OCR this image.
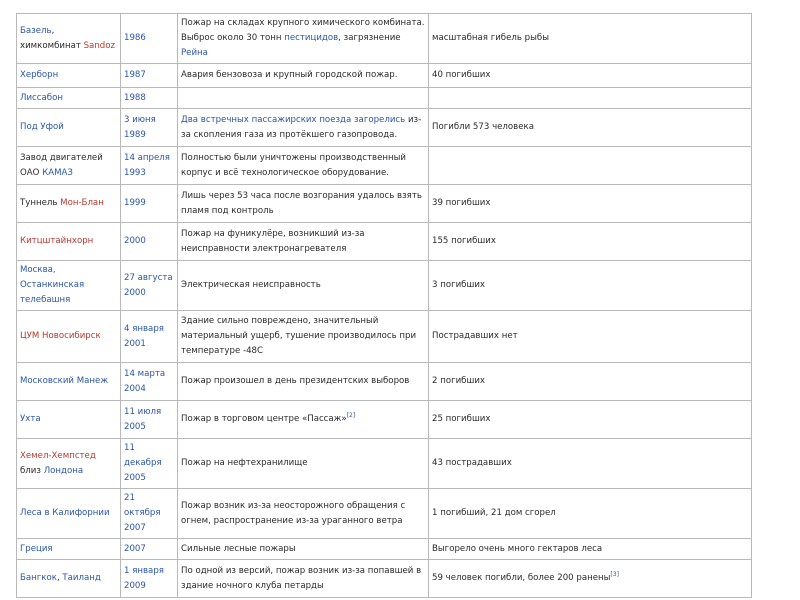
Базель, химкомбинат Sandoz	1986	Пожар на складах крупного химического комбината. Выброс около 30 тонн пестицидов, загрязнение Рейна	масштабная гибель рыбы
Херборн	1987	Авария бензовоза и крупный городской пожар.	40 погибших
Лиссабон	1988		
Под Уфой	3 июня 1989	Два встречных пассажирских поезда загорелись из-за скопления газа из протёкшего газопровода.	Погибли 573 человека
Завод двигателей ОАО КАМАЗ	14 апреля 1993	Полностью были уничтожены производственный корпус и всё технологическое оборудование.	
Туннель Мон-Блан	1999	Лишь через 53 часа после возгорания удалось взять пламя под контроль	39 погибших
Китцштайнхорн	2000	Пожар на фуникулёре, возникший из-за неисправности электронагревателя	155 погибших
Москва, Останкинская телебашня	27 августа 2000	Электрическая неисправность	3 погибших
ЦУМ Новосибирск	4 января 2001	Здание сильно повреждено, значительный материальный ущерб, тушение производилось при температуре -48С	Пострадавших нет
Московский Манеж	14 марта 2004	Пожар произошел в день президентских выборов	2 погибших
Ухта	11 июля 2005	Пожар в торговом центре «Пассаж»[2]	25 погибших
Хемел-Хемпстед близ Лондона	11 декабря 2005	Пожар на нефтехранилище	43 пострадавших
Леса в Калифорнии	21 октября 2007	Пожар возник из-за неосторожного обращения с огнем, распространение из-за ураганного ветра	1 погибший, 21 дом сгорел
Греция	2007	Сильные лесные пожары	Выгорело очень много гектаров леса
Бангкок, Таиланд	1 января 2009	По одной из версий, пожар возник из-за попавшей в здание ночного клуба петарды	59 человек погибли, более 200 ранены[3]
